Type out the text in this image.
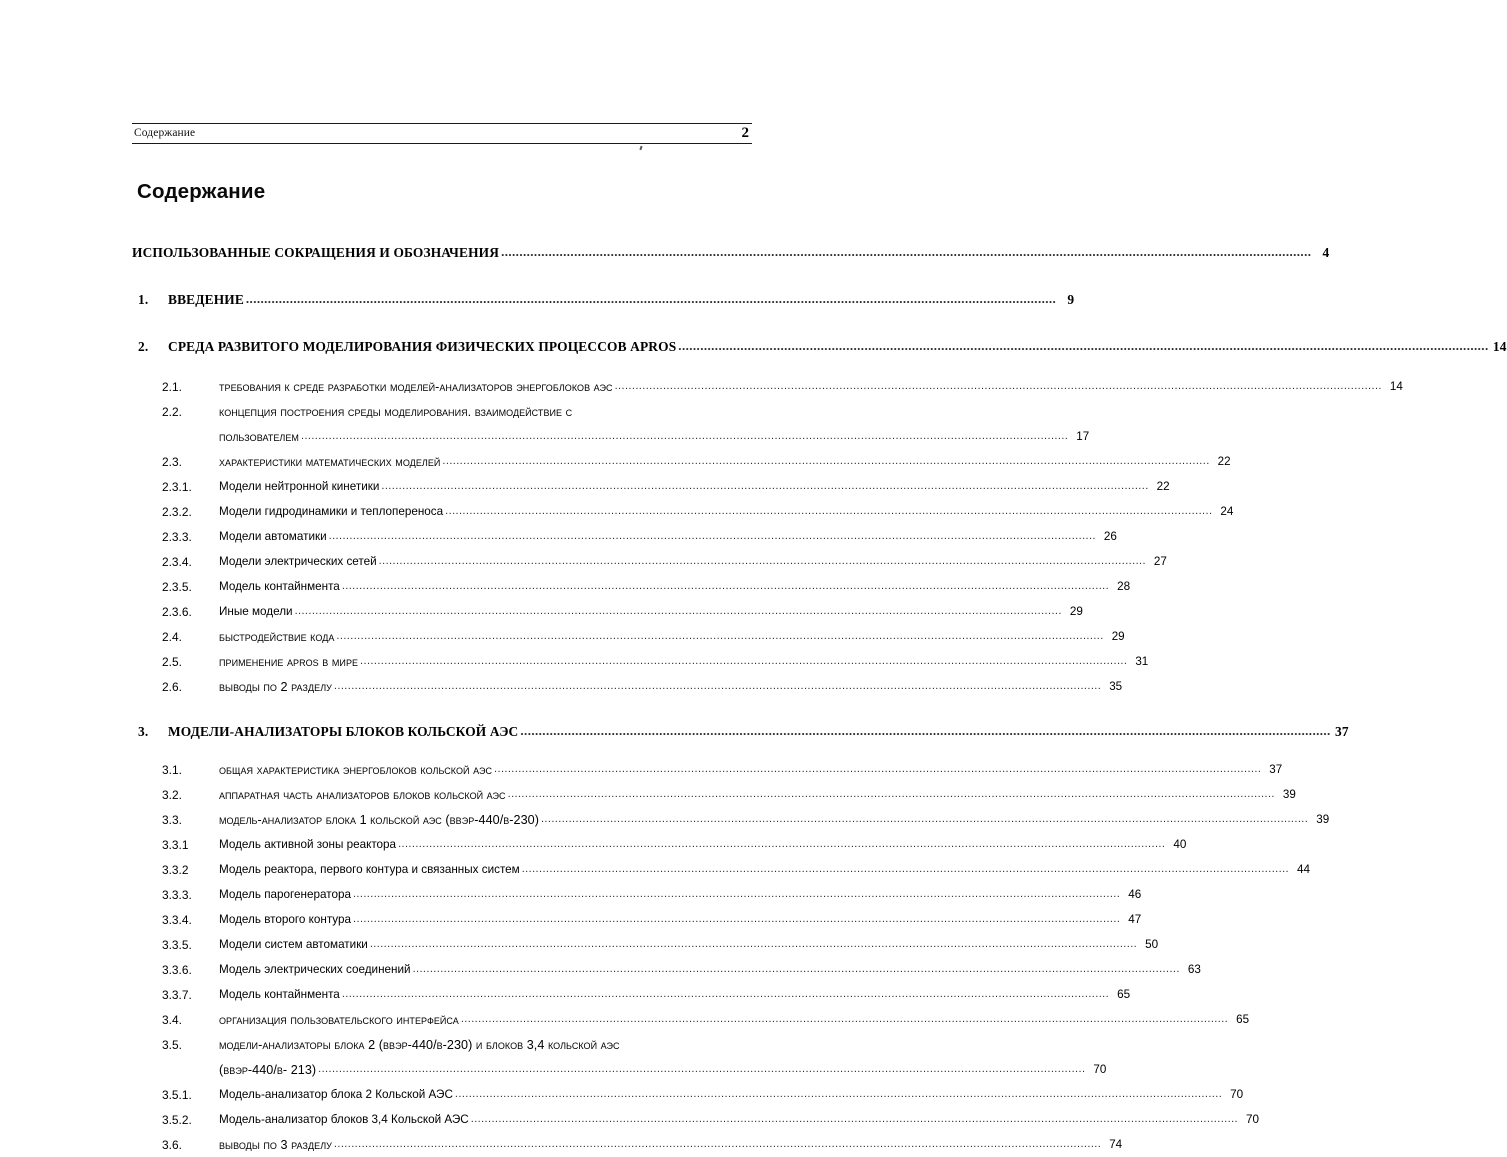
Содержание	2
Содержание
ИСПОЛЬЗОВАННЫЕ СОКРАЩЕНИЯ И ОБОЗНАЧЕНИЯ .....	4
1.	ВВЕДЕНИЕ .....	9
2.	СРЕДА РАЗВИТОГО МОДЕЛИРОВАНИЯ ФИЗИЧЕСКИХ ПРОЦЕССОВ APROS .....	14
2.1.	требования к среде разработки моделей-анализаторов энергоблоков аэс .....	14
2.2.	концепция построения среды моделирования. взаимодействие с
пользователем .....	17
2.3.	характеристики математических моделей .....	22
2.3.1.	Модели нейтронной кинетики .....	22
2.3.2.	Модели гидродинамики и теплопереноса .....	24
2.3.3.	Модели автоматики .....	26
2.3.4.	Модели электрических сетей .....	27
2.3.5.	Модель контайнмента .....	28
2.3.6.	Иные модели .....	29
2.4.	быстродействие кода .....	29
2.5.	применение apros в мире .....	31
2.6.	выводы по 2 разделу .....	35
3.	МОДЕЛИ-АНАЛИЗАТОРЫ БЛОКОВ КОЛЬСКОЙ АЭС .....	37
3.1.	общая характеристика энергоблоков кольской аэс .....	37
3.2.	аппаратная часть анализаторов блоков кольской аэс .....	39
3.3.	модель-анализатор блока 1 кольской аэс (ввэр-440/в-230) .....	39
3.3.1	Модель активной зоны реактора .....	40
3.3.2	Модель реактора, первого контура и связанных систем .....	44
3.3.3.	Модель парогенератора .....	46
3.3.4.	Модель второго контура .....	47
3.3.5.	Модели систем автоматики .....	50
3.3.6.	Модель электрических соединений .....	63
3.3.7.	Модель контайнмента .....	65
3.4.	организация пользовательского интерфейса .....	65
3.5.	модели-анализаторы блока 2 (ввэр-440/в-230) и блоков 3,4 кольской аэс
(ввэр-440/в- 213) .....	70
3.5.1.	Модель-анализатор блока 2 Кольской АЭС .....	70
3.5.2.	Модель-анализатор блоков 3,4 Кольской АЭС .....	70
3.6.	выводы по 3 разделу .....	74
